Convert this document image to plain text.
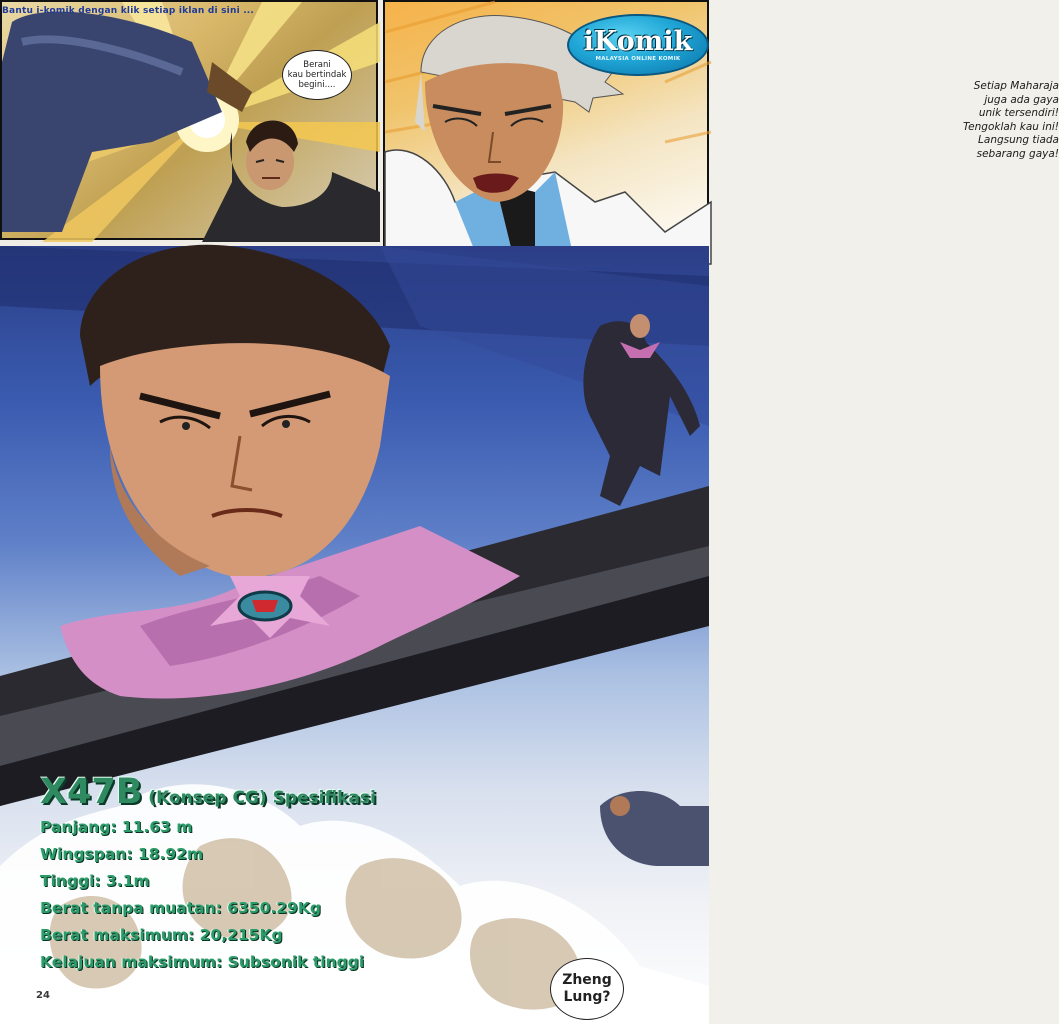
Bantu i-komik dengan klik setiap iklan di sini ...
Berani
kau bertindak
begini....	Setiap Maharaja
juga ada gaya
unik tersendiri!
Tengoklah kau ini!
Langsung tiada
sebarang gaya!
iKomik
MALAYSIA ONLINE KOMIK
Zheng
Lung?
X47B (Konsep CG) Spesifikasi
Panjang: 11.63 m
Wingspan: 18.92m
Tinggi: 3.1m
Berat tanpa muatan: 6350.29Kg
Berat maksimum: 20,215Kg
Kelajuan maksimum: Subsonik tinggi
24
